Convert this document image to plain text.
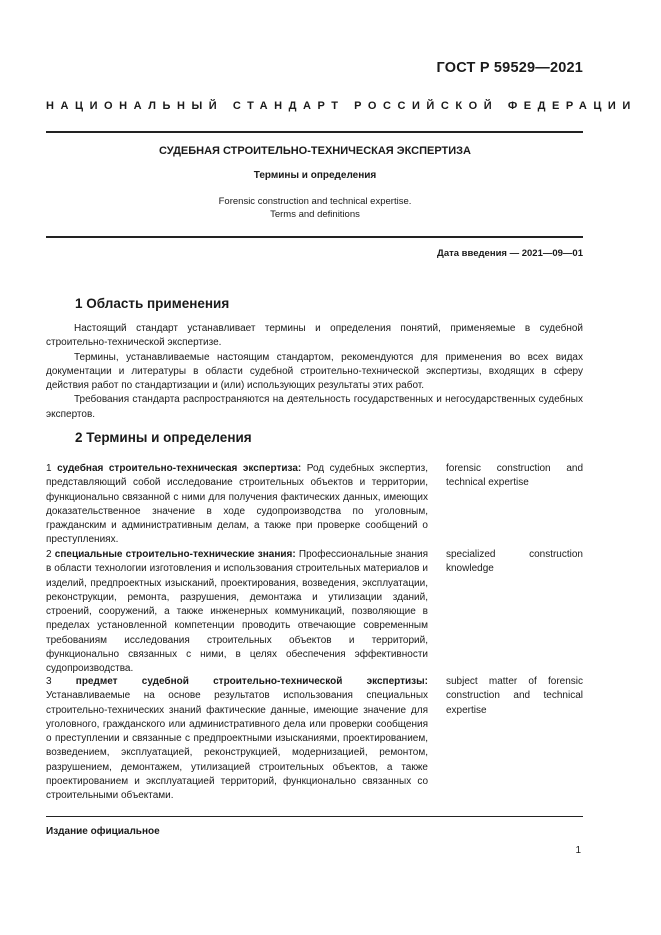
ГОСТ Р 59529—2021
НАЦИОНАЛЬНЫЙ СТАНДАРТ РОССИЙСКОЙ ФЕДЕРАЦИИ
СУДЕБНАЯ СТРОИТЕЛЬНО-ТЕХНИЧЕСКАЯ ЭКСПЕРТИЗА
Термины и определения
Forensic construction and technical expertise.
Terms and definitions
Дата введения — 2021—09—01
1 Область применения

Настоящий стандарт устанавливает термины и определения понятий, применяемые в судебной строительно-технической экспертизе.

Термины, устанавливаемые настоящим стандартом, рекомендуются для применения во всех видах документации и литературы в области судебной строительно-технической экспертизы, входящих в сферу действия работ по стандартизации и (или) использующих результаты этих работ.

Требования стандарта распространяются на деятельность государственных и негосударственных судебных экспертов.

2 Термины и определения
1 судебная строительно-техническая экспертиза: Род судебных экспертиз, представляющий собой исследование строительных объектов и территории, функционально связанной с ними для получения фактических данных, имеющих доказательственное значение в ходе судопроизводства по уголовным, гражданским и административным делам, а также при проверке сообщений о преступлениях.
forensic construction and technical expertise
2 специальные строительно-технические знания: Профессиональные знания в области технологии изготовления и использования строительных материалов и изделий, предпроектных изысканий, проектирования, возведения, эксплуатации, реконструкции, ремонта, разрушения, демонтажа и утилизации зданий, строений, сооружений, а также инженерных коммуникаций, позволяющие в пределах установленной компетенции проводить отвечающие современным требованиям исследования строительных объектов и территорий, функционально связанных с ними, в целях обеспечения эффективности судопроизводства.
specialized construction knowledge
3 предмет судебной строительно-технической экспертизы: Устанавливаемые на основе результатов использования специальных строительно-технических знаний фактические данные, имеющие значение для уголовного, гражданского или административного дела или проверки сообщения о преступлении и связанные с предпроектными изысканиями, проектированием, возведением, эксплуатацией, реконструкцией, модернизацией, ремонтом, разрушением, демонтажем, утилизацией строительных объектов, а также проектированием и эксплуатацией территорий, функционально связанных со строительными объектами.
subject matter of forensic construction and technical expertise
Издание официальное
1
